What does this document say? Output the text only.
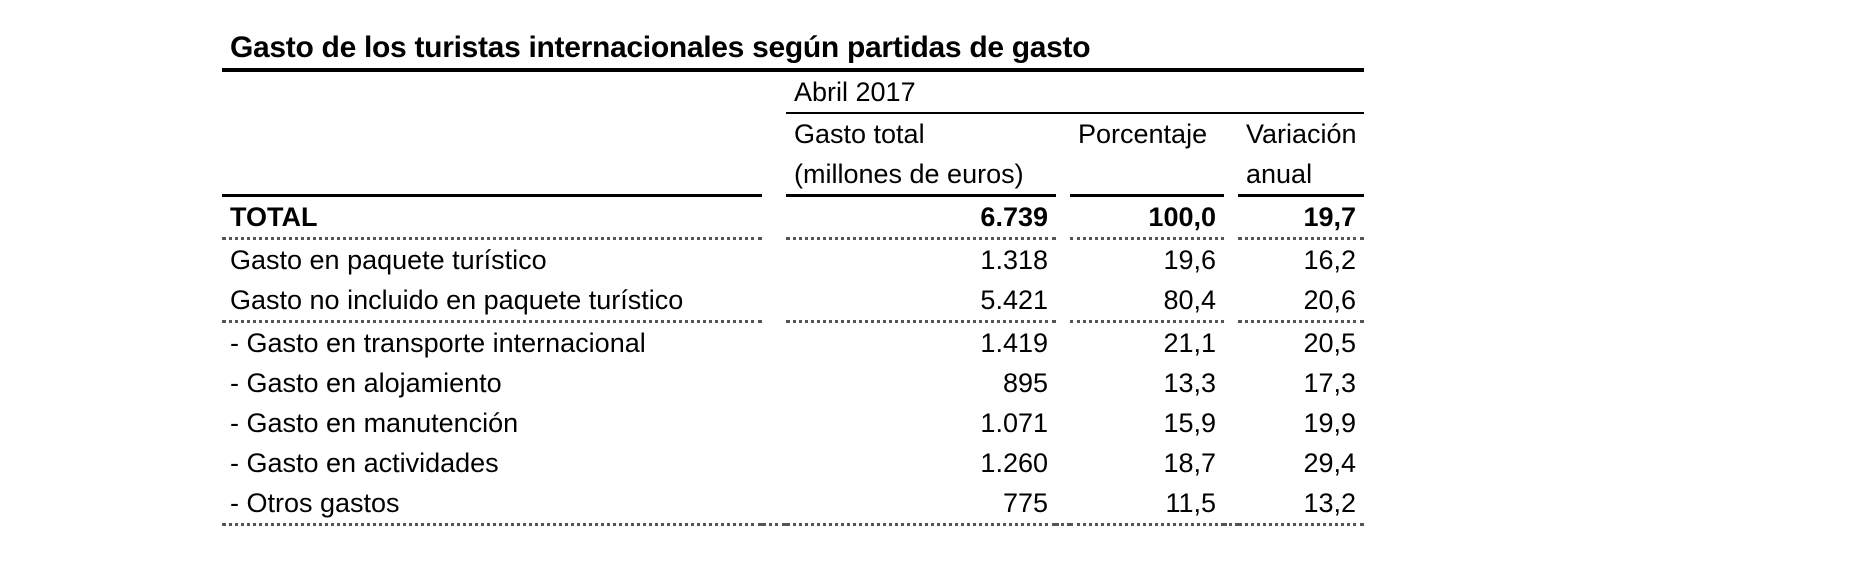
Gasto de los turistas internacionales según partidas de gasto
		Abril 2017				
		Gasto total		Porcentaje		Variación
		(millones de euros)				anual
TOTAL		6.739		100,0		19,7
Gasto en paquete turístico		1.318		19,6		16,2
Gasto no incluido en paquete turístico		5.421		80,4		20,6
- Gasto en transporte internacional		1.419		21,1		20,5
- Gasto en alojamiento		895		13,3		17,3
- Gasto en manutención		1.071		15,9		19,9
- Gasto en actividades		1.260		18,7		29,4
- Otros gastos		775		11,5		13,2
